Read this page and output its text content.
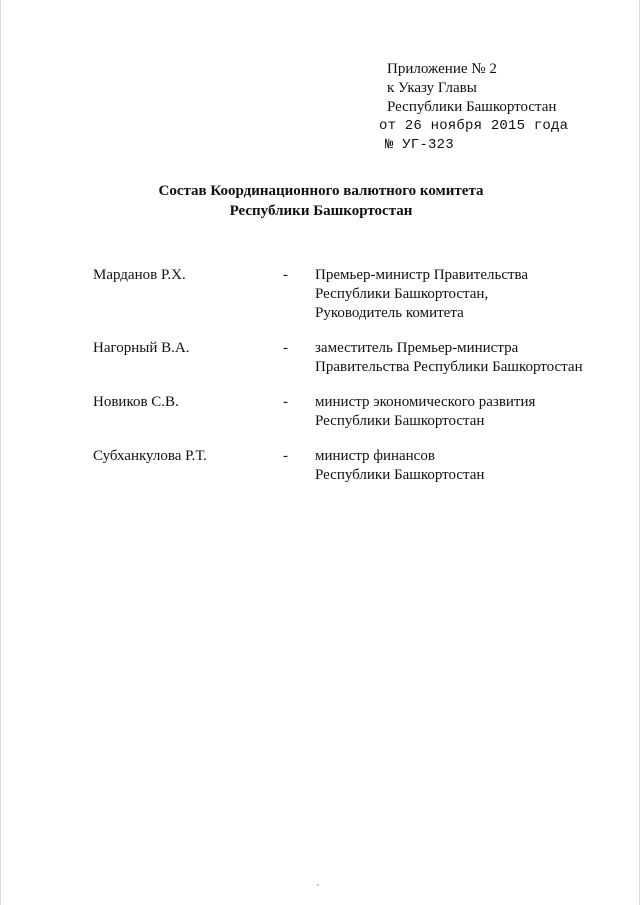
Приложение № 2
к Указу Главы
Республики Башкортостан
от 26 ноября 2015 года
№ УГ-323
Состав Координационного валютного комитета
Республики Башкортостан
Марданов Р.Х.	- Премьер-министр Правительства
Республики Башкортостан,
Руководитель комитета
Нагорный В.А.	- заместитель Премьер-министра
Правительства Республики Башкортостан
Новиков С.В.	- министр экономического развития
Республики Башкортостан
Субханкулова Р.Т.	- министр финансов
Республики Башкортостан
